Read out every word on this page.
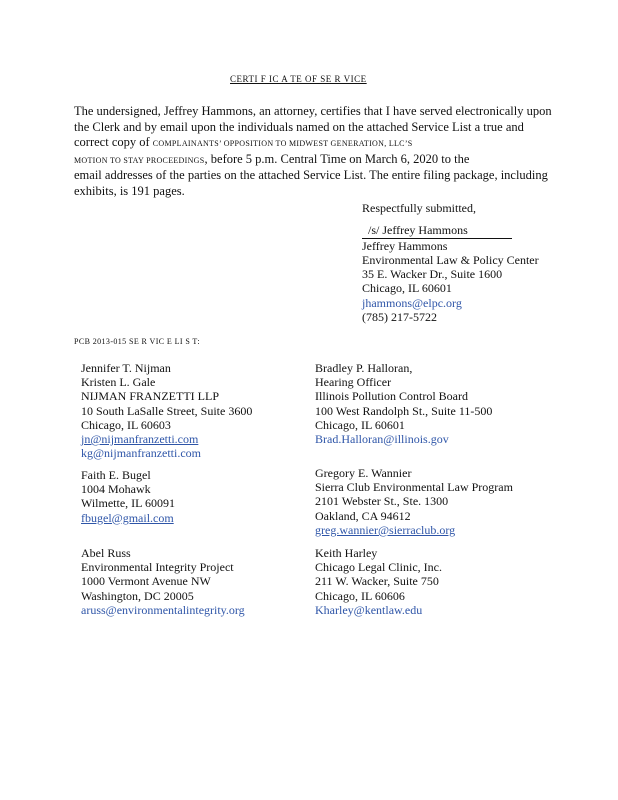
CERTI F IC A TE OF SE R VICE
The undersigned, Jeffrey Hammons, an attorney, certifies that I have served electronically upon
the Clerk and by email upon the individuals named on the attached Service List a true and
correct copy of COMPLAINANTS’ OPPOSITION TO MIDWEST GENERATION, LLC’S
MOTION TO STAY PROCEEDINGS, before 5 p.m. Central Time on March 6, 2020 to the
email addresses of the parties on the attached Service List. The entire filing package, including
exhibits, is 191 pages.
Respectfully submitted,
/s/ Jeffrey Hammons
Jeffrey Hammons
Environmental Law & Policy Center
35 E. Wacker Dr., Suite 1600
Chicago, IL 60601
jhammons@elpc.org
(785) 217-5722
PCB 2013-015 SE R VIC E LI S T:
Jennifer T. Nijman
Kristen L. Gale
NIJMAN FRANZETTI LLP
10 South LaSalle Street, Suite 3600
Chicago, IL 60603
jn@nijmanfranzetti.com
kg@nijmanfranzetti.com
Bradley P. Halloran,
Hearing Officer
Illinois Pollution Control Board
100 West Randolph St., Suite 11-500
Chicago, IL 60601
Brad.Halloran@illinois.gov
Faith E. Bugel
1004 Mohawk
Wilmette, IL 60091
fbugel@gmail.com
Gregory E. Wannier
Sierra Club Environmental Law Program
2101 Webster St., Ste. 1300
Oakland, CA 94612
greg.wannier@sierraclub.org
Abel Russ
Environmental Integrity Project
1000 Vermont Avenue NW
Washington, DC 20005
aruss@environmentalintegrity.org
Keith Harley
Chicago Legal Clinic, Inc.
211 W. Wacker, Suite 750
Chicago, IL 60606
Kharley@kentlaw.edu
